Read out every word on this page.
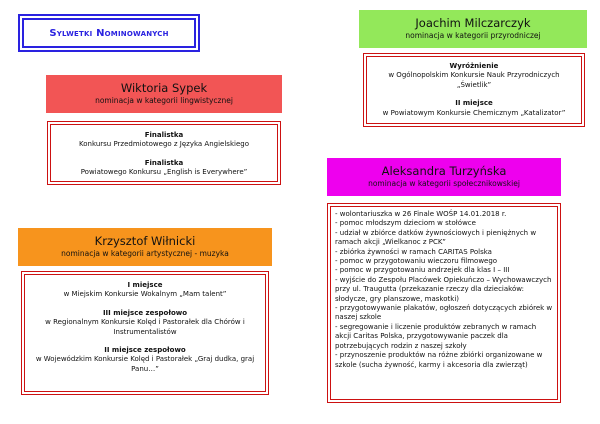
Sylwetki Nominowanych
Wiktoria Sypek
nominacja w kategorii lingwistycznej
Finalistka
Konkursu Przedmiotowego z Języka Angielskiego
Finalistka
Powiatowego Konkursu „English is Everywhere”
Joachim Milczarczyk
nominacja w kategorii przyrodniczej
Wyróżnienie
w Ogólnopolskim Konkursie Nauk Przyrodniczych „Świetlik”
II miejsce
w Powiatowym Konkursie Chemicznym „Katalizator”
Krzysztof Wiłnicki
nominacja w kategorii artystycznej - muzyka
I miejsce
w Miejskim Konkursie Wokalnym „Mam talent”
III miejsce zespołowo
w Regionalnym Konkursie Kolęd i Pastorałek dla Chórów i Instrumentalistów
II miejsce zespołowo
w Wojewódzkim Konkursie Kolęd i Pastorałek „Graj dudka, graj Panu…”
Aleksandra Turzyńska
nominacja w kategorii społecznikowskiej
- wolontariuszka w 26 Finale WOŚP 14.01.2018 r.
- pomoc młodszym dzieciom w stołówce
- udział w zbiórce datków żywnościowych i pieniężnych w ramach akcji „Wielkanoc z PCK”
- zbiórka żywności w ramach CARITAS Polska
- pomoc w przygotowaniu wieczoru filmowego
- pomoc w przygotowaniu andrzejek dla klas I – III
- wyjście do Zespołu Placówek Opiekuńczo – Wychowawczych przy ul. Traugutta (przekazanie rzeczy dla dzieciaków: słodycze, gry planszowe, maskotki)
- przygotowywanie plakatów, ogłoszeń dotyczących zbiórek w naszej szkole
- segregowanie i liczenie produktów zebranych w ramach akcji Caritas Polska, przygotowywanie paczek dla potrzebujących rodzin z naszej szkoły
- przynoszenie produktów na różne zbiórki organizowane w szkole (sucha żywność, karmy i akcesoria dla zwierząt)
